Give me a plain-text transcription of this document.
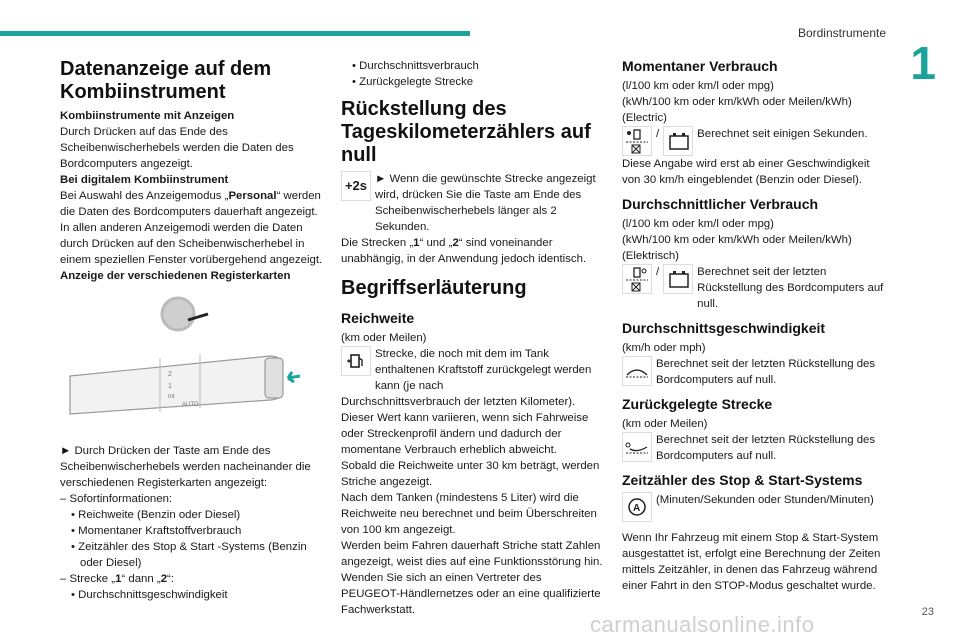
Bordinstrumente
1
Datenanzeige auf dem Kombiinstrument

Kombiinstrumente mit Anzeigen

Durch Drücken auf das Ende des Scheibenwischerhebels werden die Daten des Bordcomputers angezeigt.

Bei digitalem Kombiinstrument

Bei Auswahl des Anzeigemodus „Personal“ werden die Daten des Bordcomputers dauerhaft angezeigt.

In allen anderen Anzeigemodi werden die Daten durch Drücken auf den Scheibenwischerhebel in einem speziellen Fenster vorübergehend angezeigt.

Anzeige der verschiedenen Registerkarten

2
1
Int
AUTO

► Durch Drücken der Taste am Ende des Scheibenwischerhebels werden nacheinander die verschiedenen Registerkarten angezeigt:

– Sofortinformationen:

• Reichweite (Benzin oder Diesel)

• Momentaner Kraftstoffverbrauch

• Zeitzähler des Stop & Start -Systems (Benzin oder Diesel)

– Strecke „1“ dann „2“:

• Durchschnittsgeschwindigkeit

• Durchschnittsverbrauch

• Zurückgelegte Strecke

Rückstellung des Tageskilometerzählers auf null
+2s ► Wenn die gewünschte Strecke angezeigt wird, drücken Sie die Taste am Ende des Scheibenwischerhebels länger als 2 Sekunden.

Die Strecken „1“ und „2“ sind voneinander unabhängig, in der Anwendung jedoch identisch.

Begriffserläuterung
Reichweite

(km oder Meilen)

Strecke, die noch mit dem im Tank enthaltenen Kraftstoff zurückgelegt werden kann (je nach

Durchschnittsverbrauch der letzten Kilometer).

Dieser Wert kann variieren, wenn sich Fahrweise oder Streckenprofil ändern und dadurch der momentane Verbrauch erheblich abweicht.

Sobald die Reichweite unter 30 km beträgt, werden Striche angezeigt.

Nach dem Tanken (mindestens 5 Liter) wird die Reichweite neu berechnet und beim Überschreiten von 100 km angezeigt.

Werden beim Fahren dauerhaft Striche statt Zahlen angezeigt, weist dies auf eine Funktionsstörung hin. Wenden Sie sich an einen Vertreter des PEUGEOT-Händlernetzes oder an eine qualifizierte Fachwerkstatt.

Momentaner Verbrauch

(l/100 km oder km/l oder mpg)

(kWh/100 km oder km/kWh oder Meilen/kWh) (Electric)

/	Berechnet seit einigen Sekunden.

Diese Angabe wird erst ab einer Geschwindigkeit von 30 km/h eingeblendet (Benzin oder Diesel).

Durchschnittlicher Verbrauch

(l/100 km oder km/l oder mpg)

(kWh/100 km oder km/kWh oder Meilen/kWh)

(Elektrisch)

/	Berechnet seit der letzten Rückstellung des Bordcomputers auf null.
Durchschnittsgeschwindigkeit

(km/h oder mph)

Berechnet seit der letzten Rückstellung des Bordcomputers auf null.
Zurückgelegte Strecke

(km oder Meilen)

Berechnet seit der letzten Rückstellung des Bordcomputers auf null.
Zeitzähler des Stop & Start-Systems
A
(Minuten/Sekunden oder Stunden/Minuten)

Wenn Ihr Fahrzeug mit einem Stop & Start-System ausgestattet ist, erfolgt eine Berechnung der Zeiten mittels Zeitzähler, in denen das Fahrzeug während einer Fahrt in den STOP-Modus geschaltet wurde.

carmanualsonline.info	23
